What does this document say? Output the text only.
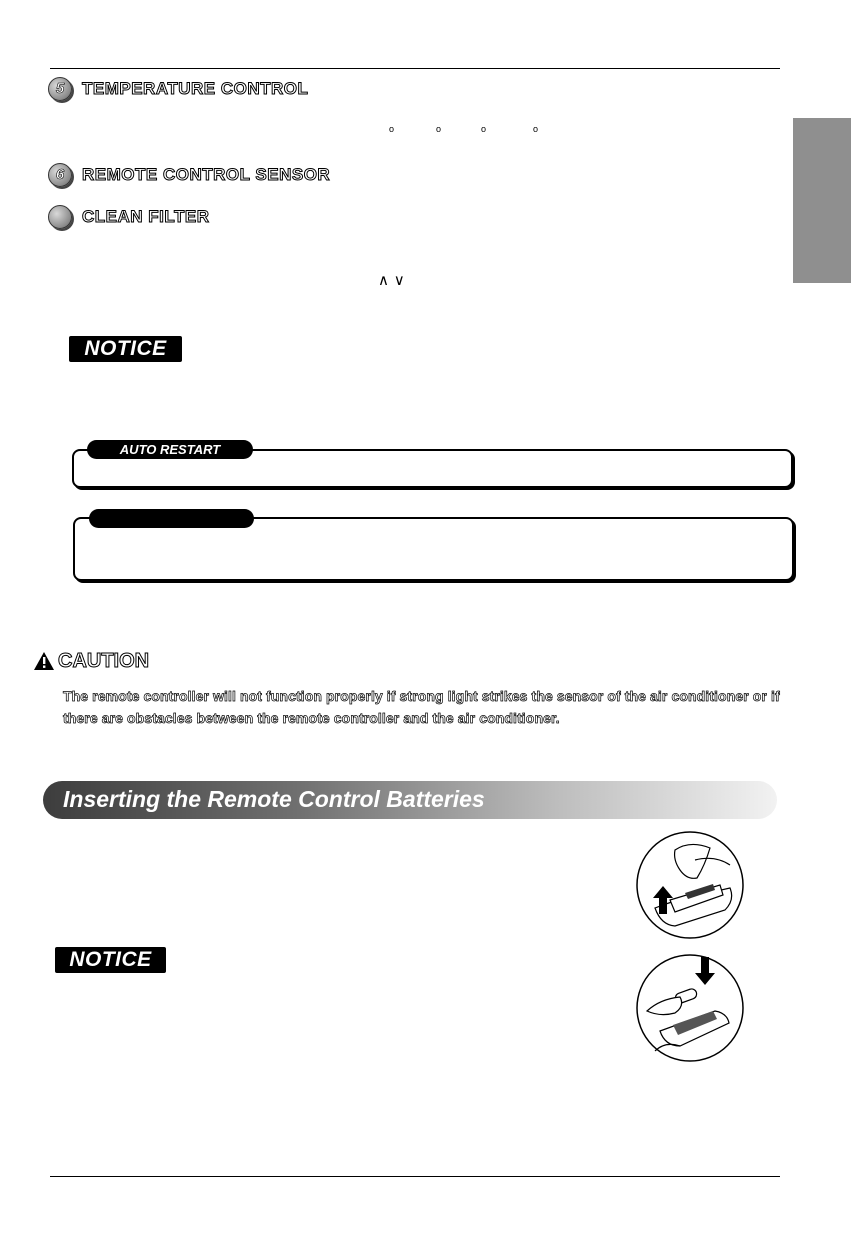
5	TEMPERATURE CONTROL
o	o	o	o
6	REMOTE CONTROL SENSOR
CLEAN FILTER
∧ ∨
NOTICE
AUTO RESTART
CAUTION
The remote controller will not function properly if strong light strikes the sensor of the air conditioner or if there are obstacles between the remote controller and the air conditioner.
Inserting the Remote Control Batteries
NOTICE
